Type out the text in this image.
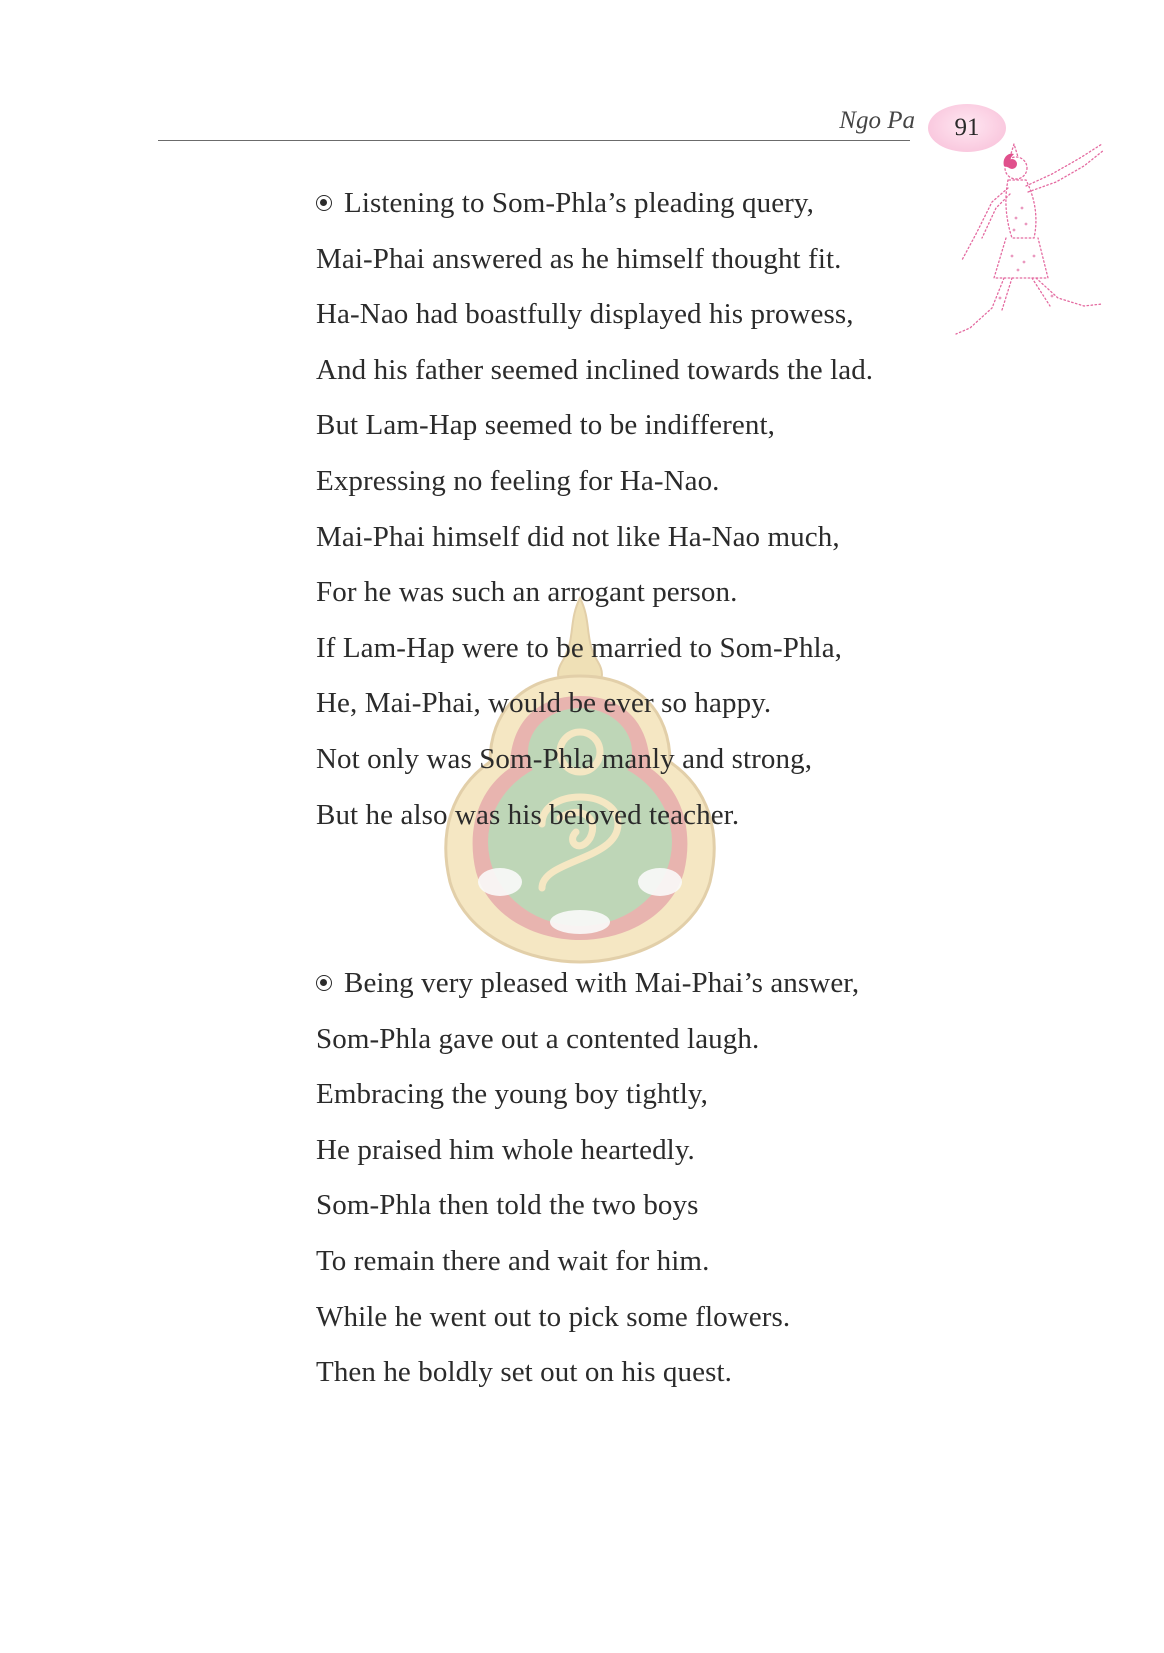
Ngo Pa 91
Listening to Som-Phla’s pleading query,
Mai-Phai answered as he himself thought fit.
Ha-Nao had boastfully displayed his prowess,
And his father seemed inclined towards the lad.
But Lam-Hap seemed to be indifferent,
Expressing no feeling for Ha-Nao.
Mai-Phai himself did not like Ha-Nao much,
For he was such an arrogant person.
If Lam-Hap were to be married to Som-Phla,
He, Mai-Phai, would be ever so happy.
Not only was Som-Phla manly and strong,
But he also was his beloved teacher.
Being very pleased with Mai-Phai’s answer,
Som-Phla gave out a contented laugh.
Embracing the young boy tightly,
He praised him whole heartedly.
Som-Phla then told the two boys
To remain there and wait for him.
While he went out to pick some flowers.
Then he boldly set out on his quest.
